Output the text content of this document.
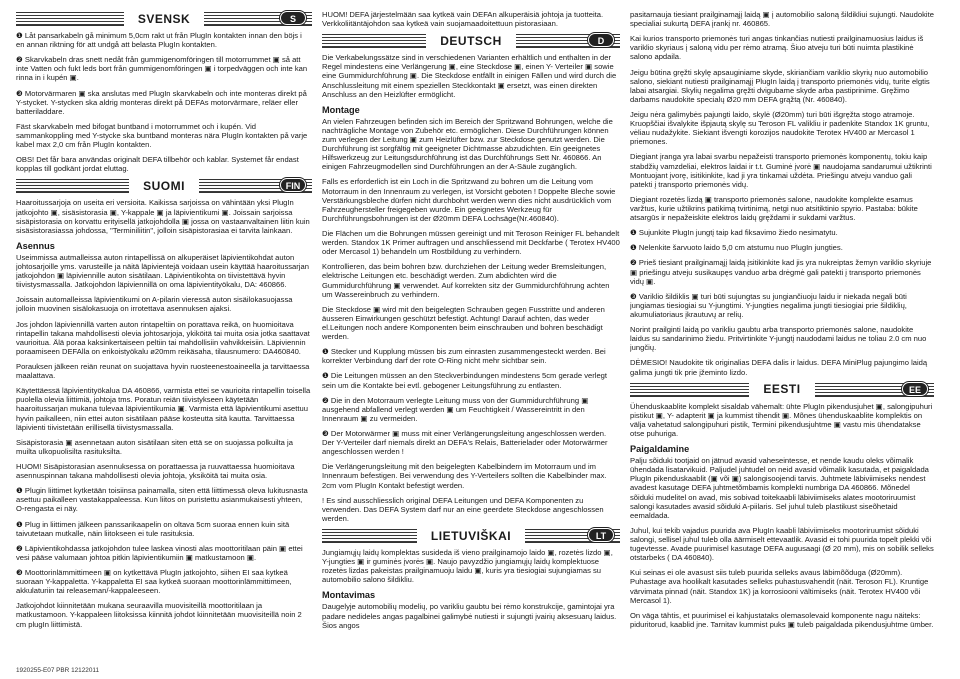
SVENSK	S

❶ Låt pansarkabeln gå minimum 5,0cm rakt ut från PlugIn kontakten innan den böjs i en annan riktning för att undgå att belasta PlugIn kontakten.

❷ Skarvkabeln dras snett nedåt från gummigenomföringen till motorrummet ▣ så att inte Vatten och fukt leds bort från gummigenomföringen ▣ i torpedväggen och inte kan rinna in i kupén ▣.

❸ Motorvärmaren ▣ ska anslutas med PlugIn skarvkabeln och inte monteras direkt på Y-stycket. Y-stycken ska aldrig monteras direkt på DEFAs motorvärmare, reläer eller batteriladdare.

Fäst skarvkabeln med bifogat buntband i motorrummet och i kupén. Vid sammankoppling med Y-stycke ska buntband monteras nära PlugIn kontakten på varje kabel max 2,0 cm från PlugIn kontakten.

OBS! Det får bara användas originalt DEFA tillbehör och kablar. Systemet får endast kopplas till godkänt jordat eluttag.

SUOMI	FIN

Haaroitussarjoja on useita eri versioita. Kaikissa sarjoissa on vähintään yksi PlugIn jatkojohto ▣, sisäsistorasia ▣, Y-kappale ▣ ja läpivientikumi ▣. Joissain sarjoissa sisäpistorasia on korvattu erityisellä jatkojohdolla ▣ jossa on vastaanvaltainen liitin kuin sisäsistorasiassa johdossa, "Terminiliitin", jolloin sisäpistorasiaa ei tarvita lainkaan.

Asennus

Useimmissa autmalleissa auton rintapellissä on alkuperäiset läpivientikohdat auton johtosarjoille yms. varusteille ja näitä läpivientejä voidaan usein käyttää haaroitussarjan jatkojohdon ▣ läpiviennille auton sisätilaan. Läpivientikohta on tiivistettävä hyvin tiivistysmassalla. Jatkojohdon läpiviennillä on oma läpivientityökalu, DA: 460866.

Joissain automalleissa läpivientikumi on A-pilarin vieressä auton sisäilokasuojassa jolloin muovinen sisälokasuoja on irrotettava asennuksen ajaksi.

Jos johdon läpiviennillä varten auton rintapeltiin on porattava reikä, on huomioitava rintapellin takana mahdollisesti olevia johtosarjoja, ykiköitä tai muita osia jotka saattavat vaurioitua. Älä poraa kaksinkertaiseen peltiin tai mahdollisiin vahvikkeisiin. Läpiviennin poraamiseen DEFAlla on erikoistyökalu ø20mm reikäsaha, tilausnumero: DA460840.

Porauksen jälkeen reiän reunat on suojattava hyvin ruosteenestoaineella ja tarvittaessa maalattava.

Käytettäessä läpivientityökalua DA 460866, varmista ettei se vaurioita rintapellin toisella puolella olevia liittimiä, johtoja tms. Poratun reiän tiivistykseen käytetään haaroitussarjan mukana tulevaa läpivientikumia ▣. Varmista että läpivientikumi asettuu hyvin paikalleen, niin ettei auton sisätilaan pääse kosteutta sitä kautta. Tarvittaessa läpivienti tiivistetään erillisellä tiivistysmassalla.

Sisäpistorasia ▣ asennetaan auton sisätilaan siten että se on suojassa polkuilta ja muilta ulkopuolisilta rasituksilta.

HUOM! Sisäpistorasian asennuksessa on porattaessa ja ruuvattaessa huomioitava asennuspinnan takana mahdollisesti olevia johtoja, yksiköitä tai muita osia.

❶ Plugin liittimet kytketään toisiinsa painamalla, siten että liittimessä oleva lukitusnasta asettuu paikalleen vastakappaleessa. Kun liitos on puristettu asianmukaisesti yhteen, O-rengasta ei näy.

❶ Plug in liittimen jälkeen panssarikaapelin on oltava 5cm suoraa ennen kuin sitä taivutetaan mutkalle, näin liitokseen ei tule rasituksia.

❷ Läpivientikohdassa jatkojohdon tulee laskea vinosti alas moottoritilaan päin ▣ ettei vesi pääse valumaan johtoa pitkin läpivientikumiin ▣ matkustamoon ▣.

❸ Moottorinlämmittimeen ▣ on kytkettävä PlugIn jatkojohto, siihen EI saa kytkeä suoraan Y-kappaletta. Y-kappaletta EI saa kytkeä suoraan moottorinlämmittimeen, akkulaturiin tai releaseman/-kappaleeseen.

Jatkojohdot kiinnitetään mukana seuraavilla muovisiteillä moottoritilaan ja matkustamoon. Y-kappaleen liitoksissa kiinnitä johdot kiinnitetään muovisiteillä noin 2 cm plugIn liittimistä.

HUOM! DEFA järjestelmään saa kytkeä vain DEFAn alkuperäisiä johtoja ja tuotteita. Verkkoliitäntäjohdon saa kytkeä vain suojamaadoitettuun pistorasiaan.

DEUTSCH	D

Die Verkabelungssätze sind in verschiedenen Varianten erhältlich und enthalten in der Regel mindestens eine Verlängerung ▣, eine Steckdose ▣, einen Y- Verteiler ▣ sowie eine Gummidurchführung ▣. Die Steckdose entfällt in einigen Fällen und wird durch die Anschlussleitung mit einem speziellen Steckkontakt ▣ ersetzt, was einen direkten Anschluss an den Heizlüfter ermöglicht.

Montage

An vielen Fahrzeugen befinden sich im Bereich der Spritzwand Bohrungen, welche die nachträgliche Montage von Zubehör etc. ermöglichen. Diese Durchführungen können zum verlegen der Leitung ▣ zum Heizlüfter bzw. zur Steckdose genutzt werden. Die Durchführung ist sorgfältig mit geeigneter Dichtmasse abzudichten. Ein geeignetes Hilfswerkzeug zur Leitungsdurchführung ist das Durchführungs Sett Nr. 460866. An einigen Fahrzeugmodellen sind Durchführungen an der A-Säule zugänglich.

Falls es erforderlich ist ein Loch in die Spritzwand zu bohren um die Leitung vom Motorraum in den Innenraum zu verlegen, ist Vorsicht geboten ! Doppelte Bleche sowie Verstärkungsbleche dürfen nicht durchbohrt werden wenn dies nicht ausdrücklich vom Fahrzeughersteller freigegeben wurde. Ein geeignetes Werkzeug für Durchführungsbohrungen ist der Ø20mm DEFA Lochsäge(Nr.460840).

Die Flächen um die Bohrungen müssen gereinigt und mit Teroson Reiniger FL behandelt werden. Standox 1K Primer auftragen und anschliessend mit Deckfarbe ( Terotex HV400 oder Mercasol 1) behandeln um Rostbildung zu verhindern.

Kontrollieren, das beim bohren bzw. durchziehen der Leitung weder Bremsleitungen, elektrische Leitungen etc. beschädigt werden. Zum abdichten wird die Gummidurchführung ▣ verwendet. Auf korrekten sitz der Gummidurchführung achten um Wassereinbruch zu verhindern.

Die Steckdose ▣ wird mit den beigelegten Schrauben gegen Fusstritte und anderen äusseren Einwirkungen geschützt befestigt. Achtung! Darauf achten, das weder el.Leitungen noch andere Komponenten beim einschrauben und bohren beschädigt werden.

❶ Stecker und Kupplung müssen bis zum einrasten zusammengesteckt werden. Bei korrekter Verbindung darf der rote O-Ring nicht mehr sichtbar sein.

❶ Die Leitungen müssen an den Steckverbindungen mindestens 5cm gerade verlegt sein um die Kontakte bei evtl. gebogener Leitungsführung zu entlasten.

❷ Die in den Motorraum verlegte Leitung muss von der Gummidurchführung ▣ ausgehend abfallend verlegt werden ▣ um Feuchtigkeit / Wassereintritt in den Innenraum ▣ zu vermeiden.

❸ Der Motorwärmer ▣ muss mit einer Verlängerungsleitung angeschlossen werden. Der Y-Verteiler darf niemals direkt an DEFA's Relais, Batterielader oder Motorwärmer angeschlossen werden !

Die Verlängerungsleitung mit den beigelegten Kabelbindern im Motorraum und im Innenraum befestigen. Bei verwendung des Y-Verteilers sollten die Kabelbinder max. 2cm vom PlugIn Kontakt befestigt werden.

! Es sind ausschliesslich original DEFA Leitungen und DEFA Komponenten zu verwenden. Das DEFA System darf nur an eine geerdete Steckdose angeschlossen werden.

LIETUVIŠKAI	LT

Jungiamųjų laidų komplektas susideda iš vieno prailginamojo laido ▣, rozetės lizdo ▣, Y-jungties ▣ ir guminės įvorės ▣. Naujo pavyzdžio jungiamųjų laidų komplektuose rozetės lizdas pakeistas prailginamuoju laidu ▣, kuris yra tiesiogiai sujungiamas su automobilio salono šildikliu.

Montavimas

Daugelyje automobilių modelių, po varikliu gaubtu bei rėmo konstrukcije, gamintojai yra padare nedideles angas pagalbinei galimybė nutiesti ir sujungti įvairių aksesuarų laidus. Šios angos

pasitarnauja tiesiant prailginamąjį laidą ▣ į automobilio saloną šildikliui sujungti. Naudokite specialiai sukurtą DEFA įrankį nr. 460865.

Kai kurios transporto priemonės turi angas tinkančias nutiesti prailginamuosius laidus iš variklio skyriaus į saloną vidu per rėmo atramą. Šiuo atveju turi būti nuimta plastikinė salono apdaila.

Jeigu būtina gręžti skylę apsauginiame skyde, skiriančiam variklio skyrių nuo automobilio salono, siekiant nutiesti prailginamąjį PlugIn laidą į transporto priemonės vidų, turite elgtis labai atsargiai. Skylių negalima gręžti dvigubame skyde arba pastiprinime. Gręžimo darbams naudokite specialų Ø20 mm DEFA grąžtą (Nr. 460840).

Jeigu nėra galimybės pajungti laido, skylė (Ø20mm) turi būti išgręžta stogo atramoje. Kruopščiai išvalykite išpjautą skylę su Teroson FL valikliu ir padenkite Standox 1K gruntu, vėliau nudažykite. Siekiant išvengti korozijos naudokite Terotex HV400 ar Mercasol 1 priemones.

Diegiant įranga yra labai svarbu nepažeisti transporto priemonės komponentų, tokiu kaip stabdžių vamzdeliai, elektros laidai ir t.t. Guminė įvorė ▣ naudojama sandarumui užtikrinti Montuojant įvorę, isitikinkite, kad ji yra tinkamai uždėta. Priešingu atveju vanduo gali patekti į transporto priemonės vidų.

Diegiant rozetės lizdą ▣ transporto priemonės salone, naudokite komplekte esamus varžtus, kurie užtikrins patikimą tvirtinimą, netgi nuo atsitiktinio spyrio. Pastaba: būkite atsargūs ir nepažeiskite elektros laidų gręždami ir sukdami varžtus.

❶ Sujunkite PlugIn jungtį taip kad fiksavimo žiedo nesimatytu.

❶ Nelenkite šarvuoto laido 5,0 cm atstumu nuo PlugIn jungties.

❷ Prieš tiesiant prailginamąjį laidą įsitikinkite kad jis yra nukreiptas žemyn variklio skyriuje ▣ priešingu atveju susikaupęs vanduo arba drėgmė gali patekti į transporto priemonės vidų ▣.

❸ Variklio šildiklis ▣ turi būti sujungtas su jungiančiuoju laidu ir niekada negali būti jungiamas tiesiogiai su Y-jungtimi. Y-jungties negalima jungti tiesiogiai prie šildiklių, akumuliatoriaus įkrautuvų ar relių.

Norint prailginti laidą po varikliu gaubtu arba transporto priemonės salone, naudokite laidus su sandarinimo žiedu. Pritvirtinkite Y-jungtį naudodami laidus ne toliau 2.0 cm nuo jungčių.

DĖMESIO! Naudokite tik originalias DEFA dalis ir laidus. DEFA MiniPlug pajungimo laidą galima jungti tik prie įžeminto lizdo.

EESTI	EE

Ühenduskaablite komplekt sisaldab vähemalt: ühte PlugIn pikendusjuhet ▣, salongipuhuri pistikut ▣, Y- adapterit ▣ ja kummist tihendit ▣. Mõnes ühenduskaablite komplektis on välja vahetatud salongipuhuri pistik, Termini pikendusjuhtme ▣ vastu mis ühendatakse otse puhuriga.

Paigaldamine

Palju sõiduki tootjaid on jätnud avasid vaheseintesse, et nende kaudu oleks võimalik ühendada lisatarvikuid. Paljudel juhtudel on neid avasid võimalik kasutada, et paigaldada PlugIn pikenduskaablit (▣ või ▣) salongisoojendi tarvis. Juhtmete läbiviimiseks nendest avadest kasutage DEFA juhtmetõmbamis komplekti numbriga DA 460866. Mõnedel sõiduki mudelitel on avad, mis sobivad toitekaabli läbiviimiseks alates mootoriruumist salongi kasutades avasid sõiduki A-piilaris. Sel juhul tuleb plastikust siseõhetaid eemaldada.

Juhul, kui tekib vajadus puurida ava PlugIn kaabli läbiviimiseks mootoriruumist sõiduki salongi, sellisel juhul tuleb olla äärmiselt ettevaatlik. Avasid ei tohi puurida topelt plekki või tugevtesse. Avade puurimisel kasutage DEFA augusaagi (Ø 20 mm), mis on sobilik selleks otstarbeks ( DA 460840).

Kui seinas ei ole avasust siis tuleb puurida selleks avaus läbimõõduga (Ø20mm). Puhastage ava hoolikalt kasutades selleks puhastusvahendit (näit. Teroson FL). Kruntige värvimata pinnad (näit. Standox 1K) ja korrosiooni vältimiseks (näit. Terotex HV400 või Mercasol 1).

On väga tähtis, et puurimisel ei kahjustataks olemasolevaid komponente nagu näiteks: piduritorud, kaablid jne. Tarnitav kummist puks ▣ tuleb paigaldada pikendusjuhtme ümber.

1920255-E07 PBR 12122011
